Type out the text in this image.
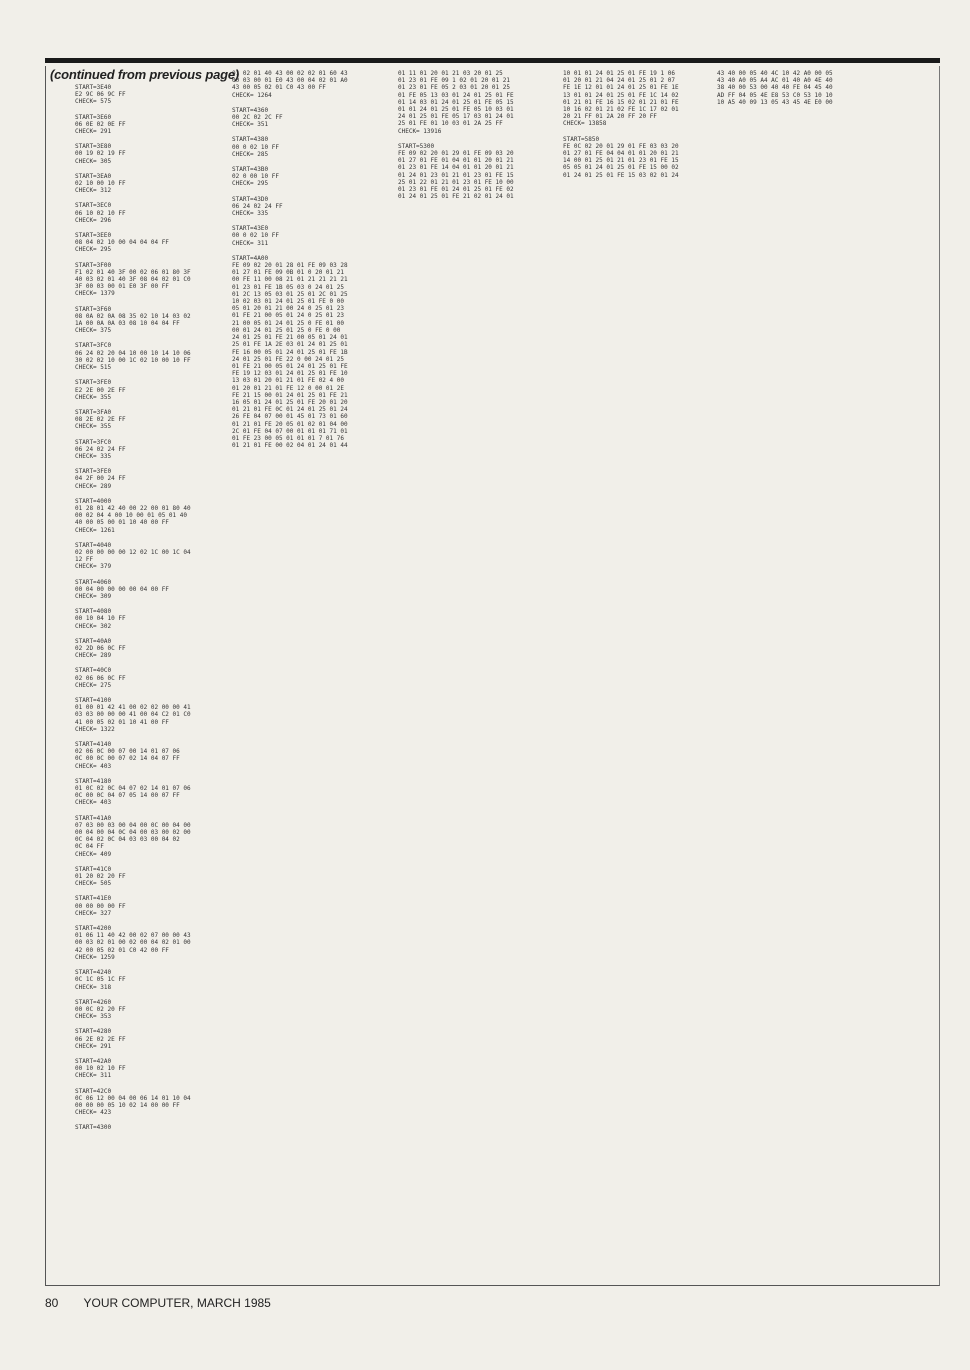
(continued from previous page)
START=3E40
E2 9C 06 9C FF
CHECK= 575
START=3E60
06 0E 02 0E FF
CHECK= 291
START=3E80
00 19 02 19 FF
CHECK= 305
START=3EA0
02 10 00 10 FF
CHECK= 312
START=3EC0
06 10 02 10 FF
CHECK= 296
START=3EE0
08 04 02 10 00 04 04 04 FF
CHECK= 295
START=3F00
F1 02 01 40 3F 00 02 06 01 80 3F
40 03 02 01 40 3F 08 04 02 01 C0
3F 00 03 00 01 E0 3F 00 FF
CHECK= 1379
START=3F60
08 0A 02 0A 08 35 02 10 14 03 02
1A 00 0A 0A 03 08 10 04 04 FF
CHECK= 375
START=3FC0
06 24 02 20 04 10 00 10 14 10 06
30 02 02 10 00 1C 02 10 00 10 FF
CHECK= 515
START=3FE0
E2 2E 00 2E FF
CHECK= 355
START=3FA0
08 2E 02 2E FF
CHECK= 355
START=3FC0
06 24 02 24 FF
CHECK= 335
START=3FE0
04 2F 00 24 FF
CHECK= 289
START=4000
01 28 01 42 40 00 22 00 01 80 40
00 02 04 4 00 10 00 01 05 01 40
40 00 05 00 01 10 40 00 FF
CHECK= 1261
START=4040
02 00 00 00 00 12 02 1C 00 1C 04
12 FF
CHECK= 379
START=4060
00 04 00 00 00 00 04 00 FF
CHECK= 309
START=4080
00 10 04 10 FF
CHECK= 302
START=40A0
02 2D 06 0C FF
CHECK= 289
START=40C0
02 06 06 0C FF
CHECK= 275
START=4100
01 00 01 42 41 00 02 02 00 00 41
03 03 00 00 00 41 00 04 C2 01 C0
41 00 05 02 01 10 41 00 FF
CHECK= 1322
START=4140
02 06 0C 00 07 00 14 01 07 06
0C 00 0C 00 07 02 14 04 07 FF
CHECK= 403
START=4180
01 0C 02 0C 04 07 02 14 01 07 06
0C 00 0C 04 07 05 14 00 07 FF
CHECK= 403
START=41A0
07 03 00 03 00 04 00 0C 00 04 00
00 04 00 04 0C 04 00 03 00 02 00
0C 04 02 0C 04 03 03 00 04 02
0C 04 FF
CHECK= 409
START=41C0
01 20 02 20 FF
CHECK= 505
START=41E0
00 00 00 00 FF
CHECK= 327
START=4200
01 06 11 40 42 00 02 07 00 00 43
00 03 02 01 00 02 00 04 02 01 00
42 00 05 02 01 C0 42 00 FF
CHECK= 1259
START=4240
0C 1C 05 1C FF
CHECK= 318
START=4260
00 0C 02 20 FF
CHECK= 353
START=4280
06 2E 02 2E FF
CHECK= 291
START=42A0
00 10 02 10 FF
CHECK= 311
START=42C0
0C 06 12 00 04 00 06 14 01 10 04
00 00 00 05 10 02 14 00 00 FF
CHECK= 423
START=4300
01 02 01 40 43 00 02 02 01 60 43
00 03 00 01 E0 43 00 04 02 01 A0
43 00 05 02 01 C0 43 00 FF
CHECK= 1264
START=4360
00 2C 02 2C FF
CHECK= 351
START=4380
00 0 02 10 FF
CHECK= 285
START=43B0
02 0 00 10 FF
CHECK= 295
START=43D0
06 24 02 24 FF
CHECK= 335
START=43E0
00 0 02 10 FF
CHECK= 311
START=4A00
FE 09 02 20 01 28 01 FE 09 03 28
01 27 01 FE 09 0B 01 0 20 01 21
00 FE 11 00 08 21 01 21 21 21 21
01 23 01 FE 1B 05 03 0 24 01 25
01 2C 13 05 03 01 25 01 2C 01 25
10 02 03 01 24 01 25 01 FE 0 00
05 01 20 01 21 00 24 0 25 01 23
01 FE 21 00 05 01 24 0 25 01 23
21 00 05 01 24 01 25 0 FE 01 00
00 01 24 01 25 01 25 0 FE 0 00
24 01 25 01 FE 21 00 05 01 24 01
25 01 FE 1A 2E 03 01 24 01 25 01
FE 16 00 05 01 24 01 25 01 FE 1B
24 01 25 01 FE 22 0 00 24 01 25
01 FE 21 00 05 01 24 01 25 01 FE
FE 19 12 03 01 24 01 25 01 FE 10
13 03 01 20 01 21 01 FE 02 4 00
01 20 01 21 01 FE 12 0 00 01 2E
FE 21 15 00 01 24 01 25 01 FE 21
16 05 01 24 01 25 01 FE 20 01 20
01 21 01 FE 0C 01 24 01 25 01 24
26 FE 04 07 00 01 45 01 73 01 60
01 21 01 FE 20 05 01 02 01 04 00
2C 01 FE 04 07 00 01 01 01 71 01
01 FE 23 00 05 01 01 01 7 01 76
01 21 01 FE 00 02 04 01 24 01 44
01 11 01 20 01 21 03 20 01 25
01 23 01 FE 09 1 02 01 20 01 21
01 23 01 FE 05 2 03 01 20 01 25
01 FE 05 13 03 01 24 01 25 01 FE
01 14 03 01 24 01 25 01 FE 05 15
01 01 24 01 25 01 FE 05 10 03 01
24 01 25 01 FE 05 17 03 01 24 01
25 01 FE 01 10 03 01 2A 25 FF
CHECK= 13916
START=5300
FE 09 02 20 01 29 01 FE 09 03 20
01 27 01 FE 01 04 01 01 20 01 21
01 23 01 FE 14 04 01 01 20 01 21
01 24 01 23 01 21 01 23 01 FE 15
25 01 22 01 21 01 23 01 FE 10 00
01 23 01 FE 01 24 01 25 01 FE 02
01 24 01 25 01 FE 21 02 01 24 01
10 01 01 24 01 25 01 FE 19 1 06
01 20 01 21 04 24 01 25 01 2 07
FE 1E 12 01 01 24 01 25 01 FE 1E
13 01 01 24 01 25 01 FE 1C 14 02
01 21 01 FE 16 15 02 01 21 01 FE
10 16 02 01 21 02 FE 1C 17 02 01
20 21 FF 01 2A 20 FF 20 FF
CHECK= 13858
START=5850
FE 0C 02 20 01 29 01 FE 03 03 20
01 27 01 FE 04 04 01 01 20 01 21
14 00 01 25 01 21 01 23 01 FE 15
05 05 01 24 01 25 01 FE 15 00 02
01 24 01 25 01 FE 15 03 02 01 24
43 40 00 05 40 4C 10 42 A0 00 05
43 40 A0 05 A4 AC 01 40 A0 4E 40
38 40 00 53 00 40 40 FE 04 45 40
AD FF 04 05 4E E8 53 C0 53 10 10
10 A5 40 09 13 05 43 45 4E E0 00
80 YOUR COMPUTER, MARCH 1985
